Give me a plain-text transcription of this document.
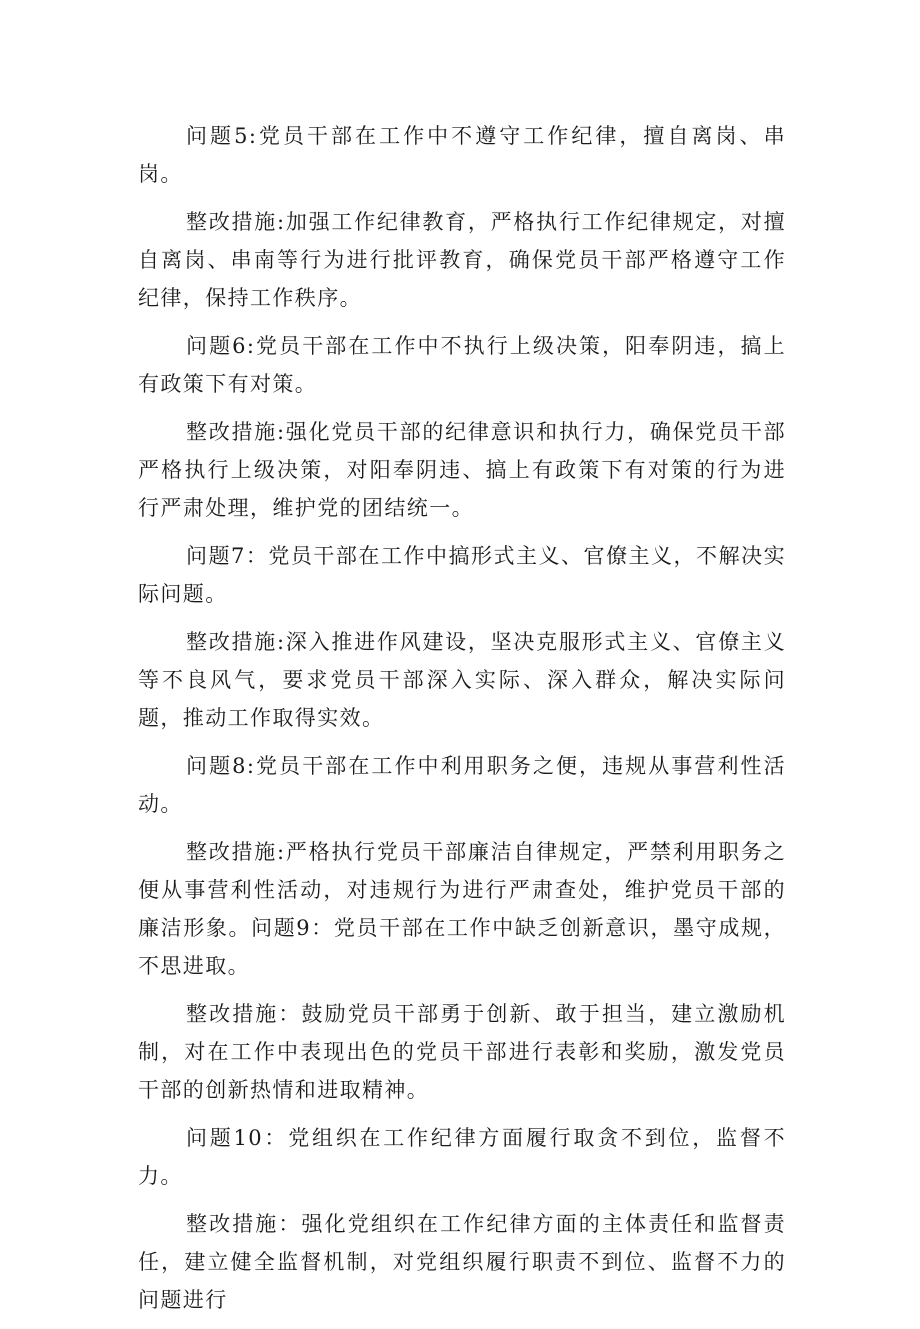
问题5:党员干部在工作中不遵守工作纪律，擅自离岗、串岗。

整改措施:加强工作纪律教育，严格执行工作纪律规定，对擅自离岗、串南等行为进行批评教育，确保党员干部严格遵守工作纪律，保持工作秩序。

问题6:党员干部在工作中不执行上级决策，阳奉阴违，搞上有政策下有对策。

整改措施:强化党员干部的纪律意识和执行力，确保党员干部严格执行上级决策，对阳奉阴违、搞上有政策下有对策的行为进行严肃处理，维护党的团结统一。

问题7：党员干部在工作中搞形式主义、官僚主义，不解决实际问题。

整改措施:深入推进作风建设，坚决克服形式主义、官僚主义等不良风气，要求党员干部深入实际、深入群众，解决实际问题，推动工作取得实效。

问题8:党员干部在工作中利用职务之便，违规从事营利性活动。

整改措施:严格执行党员干部廉洁自律规定，严禁利用职务之便从事营利性活动，对违规行为进行严肃查处，维护党员干部的廉洁形象。问题9：党员干部在工作中缺乏创新意识，墨守成规，不思进取。

整改措施：鼓励党员干部勇于创新、敢于担当，建立激励机制，对在工作中表现出色的党员干部进行表彰和奖励，激发党员干部的创新热情和进取精神。

问题10：党组织在工作纪律方面履行取贪不到位，监督不力。

整改措施：强化党组织在工作纪律方面的主体责任和监督责任，建立健全监督机制，对党组织履行职责不到位、监督不力的问题进行
